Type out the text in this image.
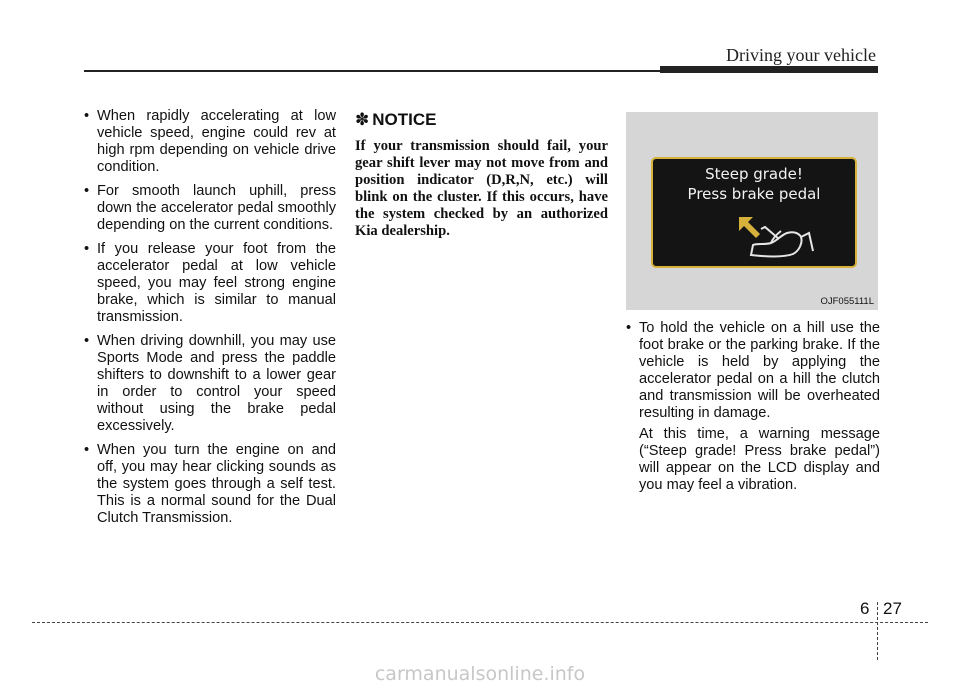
Driving your vehicle
• When rapidly accelerating at low vehicle speed, engine could rev at high rpm depending on vehicle drive condition.
• For smooth launch uphill, press down the accelerator pedal smoothly depending on the current conditions.
• If you release your foot from the accelerator pedal at low vehicle speed, you may feel strong engine brake, which is similar to manual transmission.
• When driving downhill, you may use Sports Mode and press the paddle shifters to downshift to a lower gear in order to control your speed without using the brake pedal excessively.
• When you turn the engine on and off, you may hear clicking sounds as the system goes through a self test. This is a normal sound for the Dual Clutch Transmission.
✽ NOTICE

If your transmission should fail, your gear shift lever may not move from and position indicator (D,R,N, etc.) will blink on the cluster. If this occurs, have the system checked by an authorized Kia dealership.

Steep grade!
Press brake pedal
OJF055111L
• To hold the vehicle on a hill use the foot brake or the parking brake. If the vehicle is held by applying the accelerator pedal on a hill the clutch and transmission will be overheated resulting in damage.

At this time, a warning message (“Steep grade! Press brake pedal”) will appear on the LCD display and you may feel a vibration.

6 27
carmanualsonline.info
